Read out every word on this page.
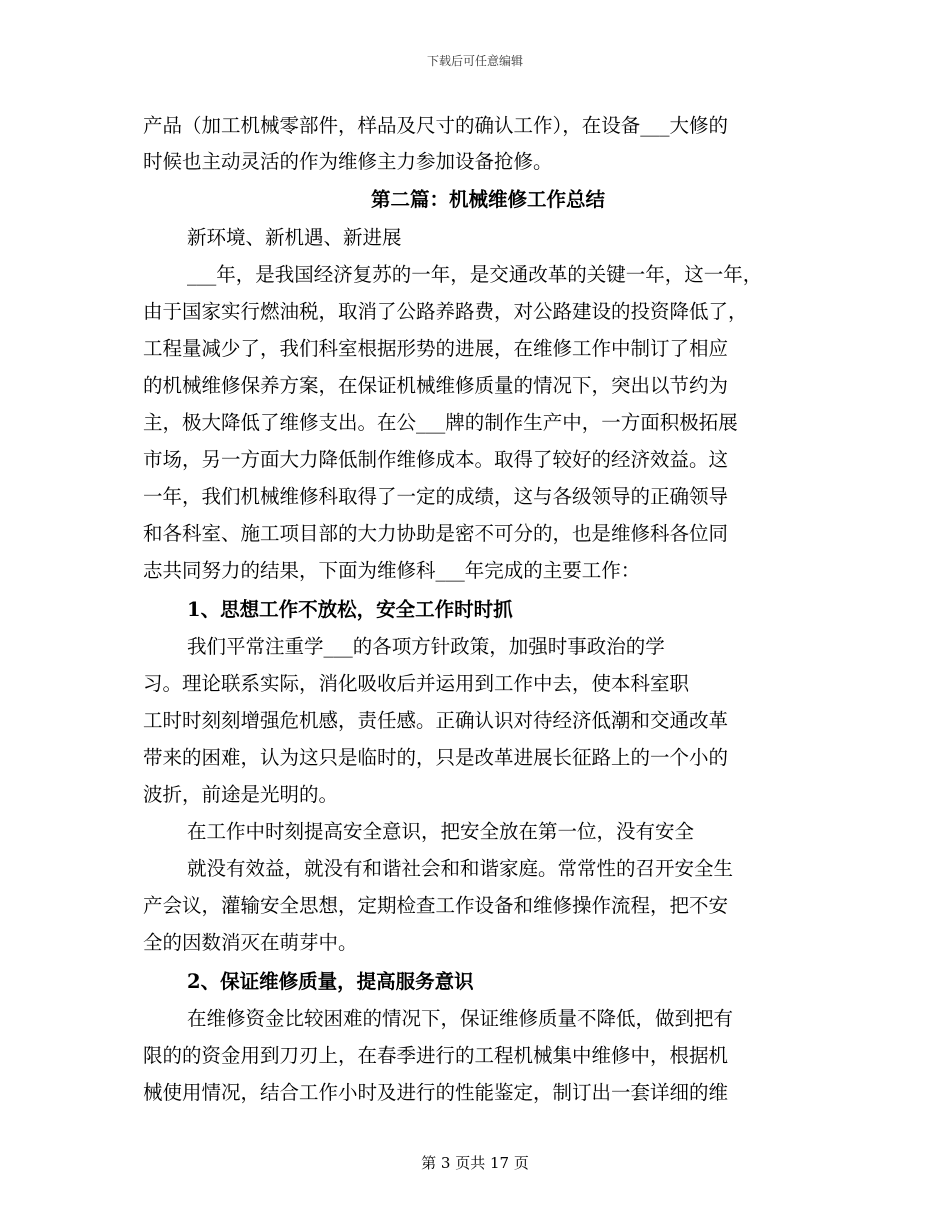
下载后可任意编辑
产品（加工机械零部件，样品及尺寸的确认工作），在设备___大修的
时候也主动灵活的作为维修主力参加设备抢修。
第二篇：机械维修工作总结
新环境、新机遇、新进展
___年，是我国经济复苏的一年，是交通改革的关键一年，这一年，
由于国家实行燃油税，取消了公路养路费，对公路建设的投资降低了，
工程量减少了，我们科室根据形势的进展，在维修工作中制订了相应
的机械维修保养方案，在保证机械维修质量的情况下，突出以节约为
主，极大降低了维修支出。在公___牌的制作生产中，一方面积极拓展
市场，另一方面大力降低制作维修成本。取得了较好的经济效益。这
一年，我们机械维修科取得了一定的成绩，这与各级领导的正确领导
和各科室、施工项目部的大力协助是密不可分的，也是维修科各位同
志共同努力的结果，下面为维修科___年完成的主要工作：
1、思想工作不放松，安全工作时时抓
我们平常注重学___的各项方针政策，加强时事政治的学
习。理论联系实际，消化吸收后并运用到工作中去，使本科室职
工时时刻刻增强危机感，责任感。正确认识对待经济低潮和交通改革
带来的困难，认为这只是临时的，只是改革进展长征路上的一个小的
波折，前途是光明的。
在工作中时刻提高安全意识，把安全放在第一位，没有安全
就没有效益，就没有和谐社会和和谐家庭。常常性的召开安全生
产会议，灌输安全思想，定期检查工作设备和维修操作流程，把不安
全的因数消灭在萌芽中。
2、保证维修质量，提高服务意识
在维修资金比较困难的情况下，保证维修质量不降低，做到把有
限的的资金用到刀刃上，在春季进行的工程机械集中维修中，根据机
械使用情况，结合工作小时及进行的性能鉴定，制订出一套详细的维
第 3 页共 17 页
